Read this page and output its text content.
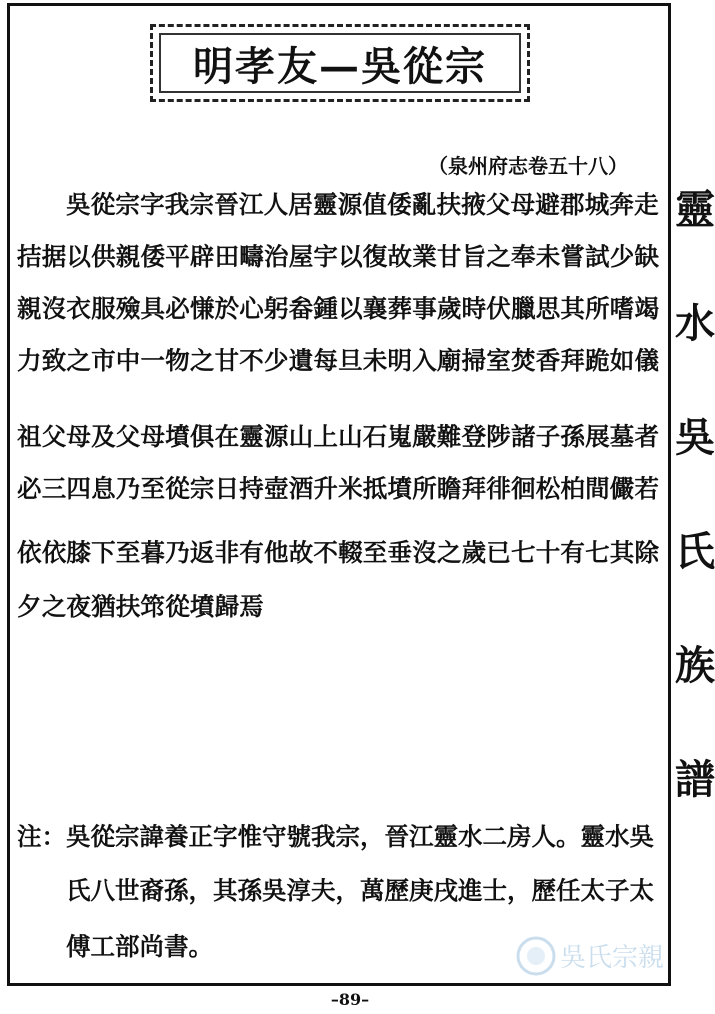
明孝友—吳從宗
（泉州府志卷五十八）
吳從宗字我宗晉江人居靈源值倭亂扶掖父母避郡城奔走
拮据以供親倭平辟田疇治屋宇以復故業甘旨之奉未嘗試少缺
親沒衣服殮具必慊於心躬畚鍾以襄葬事歲時伏臘思其所嗜竭
力致之市中一物之甘不少遺每旦未明入廟掃室焚香拜跪如儀
祖父母及父母墳俱在靈源山上山石嵬嚴難登陟諸子孫展墓者
必三四息乃至從宗日持壺酒升米抵墳所瞻拜徘徊松柏間儼若
依依膝下至暮乃返非有他故不輟至垂沒之歲已七十有七其除
夕之夜猶扶筇從墳歸焉
注：吳從宗諱養正字惟守號我宗，晉江靈水二房人。靈水吳
氏八世裔孫，其孫吳淳夫，萬歷庚戌進士，歷任太子太
傅工部尚書。
靈
水
吳
氏
族
譜
吳氏宗親
–89–
